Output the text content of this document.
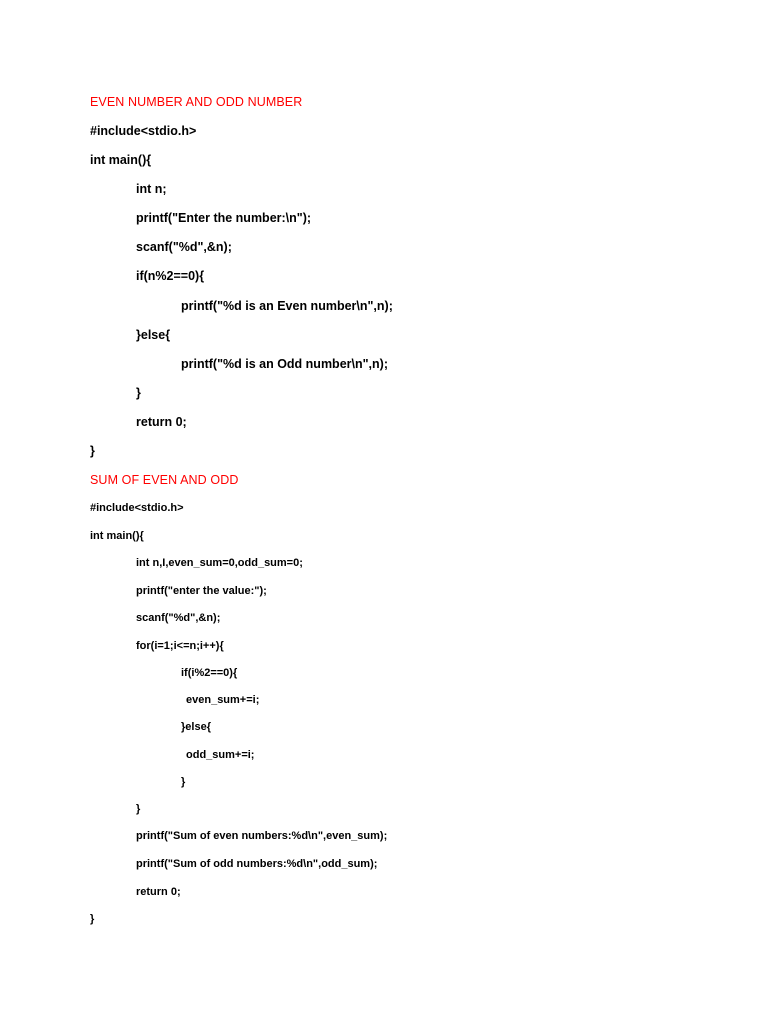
EVEN NUMBER AND ODD NUMBER
#include<stdio.h>
int main(){
int n;
printf("Enter the number:\n");
scanf("%d",&n);
if(n%2==0){
printf("%d is an Even number\n",n);
}else{
printf("%d is an Odd number\n",n);
}
return 0;
}
SUM OF EVEN AND ODD
#include<stdio.h>
int main(){
int n,I,even_sum=0,odd_sum=0;
printf("enter the value:");
scanf("%d",&n);
for(i=1;i<=n;i++){
if(i%2==0){
even_sum+=i;
}else{
odd_sum+=i;
}
}
printf("Sum of even numbers:%d\n",even_sum);
printf("Sum of odd numbers:%d\n",odd_sum);
return 0;
}
